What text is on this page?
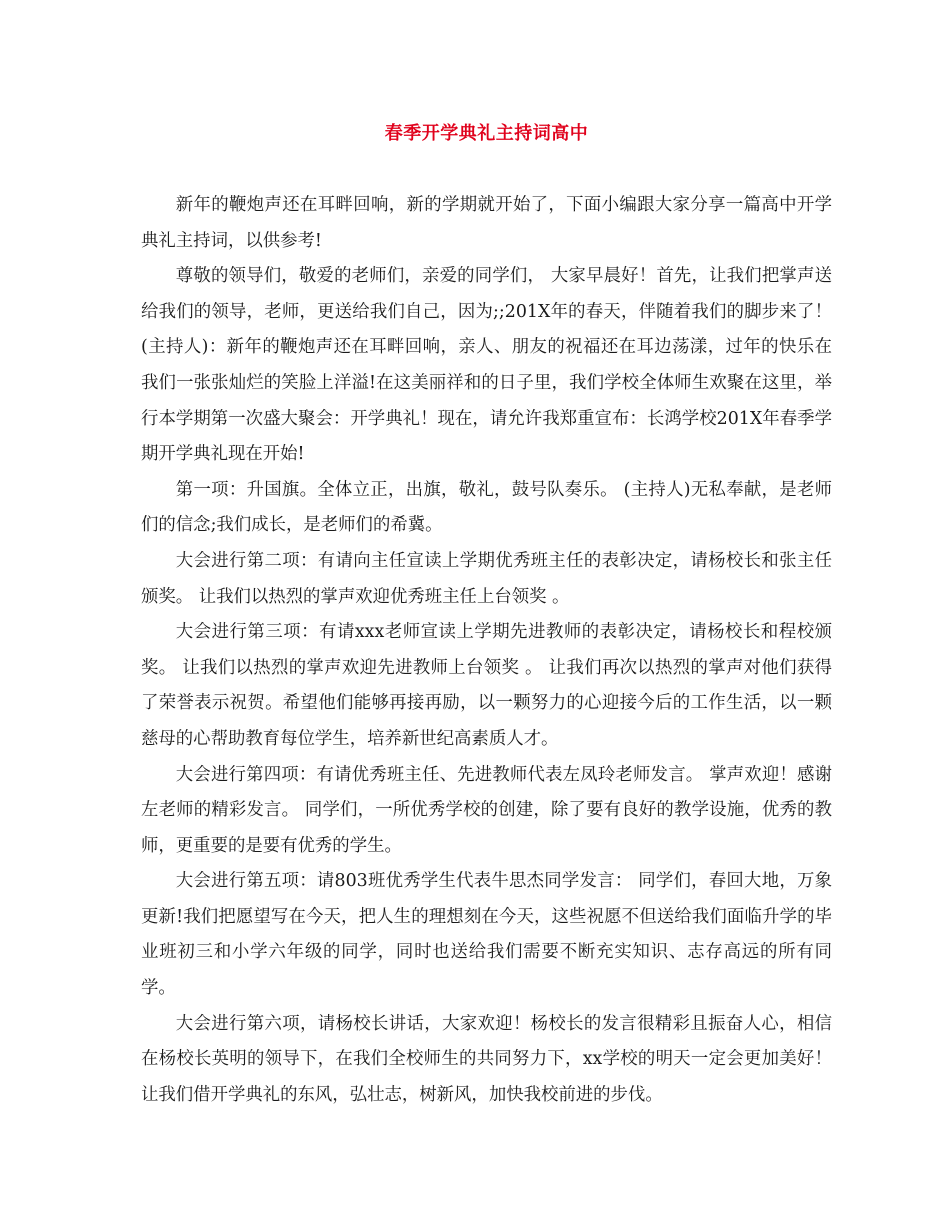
春季开学典礼主持词高中

新年的鞭炮声还在耳畔回响，新的学期就开始了，下面小编跟大家分享一篇高中开学典礼主持词，以供参考!

尊敬的领导们，敬爱的老师们，亲爱的同学们， 大家早晨好！首先，让我们把掌声送给我们的领导，老师，更送给我们自己，因为;;201X年的春天，伴随着我们的脚步来了！(主持人)：新年的鞭炮声还在耳畔回响，亲人、朋友的祝福还在耳边荡漾，过年的快乐在我们一张张灿烂的笑脸上洋溢!在这美丽祥和的日子里，我们学校全体师生欢聚在这里，举行本学期第一次盛大聚会：开学典礼！现在，请允许我郑重宣布：长鸿学校201X年春季学期开学典礼现在开始!

第一项：升国旗。全体立正，出旗，敬礼，鼓号队奏乐。 (主持人)无私奉献，是老师们的信念;我们成长，是老师们的希冀。

大会进行第二项：有请向主任宣读上学期优秀班主任的表彰决定，请杨校长和张主任颁奖。 让我们以热烈的掌声欢迎优秀班主任上台领奖 。

大会进行第三项：有请xxx老师宣读上学期先进教师的表彰决定，请杨校长和程校颁奖。 让我们以热烈的掌声欢迎先进教师上台领奖 。 让我们再次以热烈的掌声对他们获得了荣誉表示祝贺。希望他们能够再接再励，以一颗努力的心迎接今后的工作生活，以一颗慈母的心帮助教育每位学生，培养新世纪高素质人才。

大会进行第四项：有请优秀班主任、先进教师代表左凤玲老师发言。 掌声欢迎！感谢左老师的精彩发言。 同学们，一所优秀学校的创建，除了要有良好的教学设施，优秀的教师，更重要的是要有优秀的学生。

大会进行第五项：请803班优秀学生代表牛思杰同学发言： 同学们，春回大地，万象更新!我们把愿望写在今天，把人生的理想刻在今天，这些祝愿不但送给我们面临升学的毕业班初三和小学六年级的同学，同时也送给我们需要不断充实知识、志存高远的所有同学。

大会进行第六项，请杨校长讲话，大家欢迎！杨校长的发言很精彩且振奋人心，相信在杨校长英明的领导下，在我们全校师生的共同努力下，xx学校的明天一定会更加美好！让我们借开学典礼的东风，弘壮志，树新风，加快我校前进的步伐。
